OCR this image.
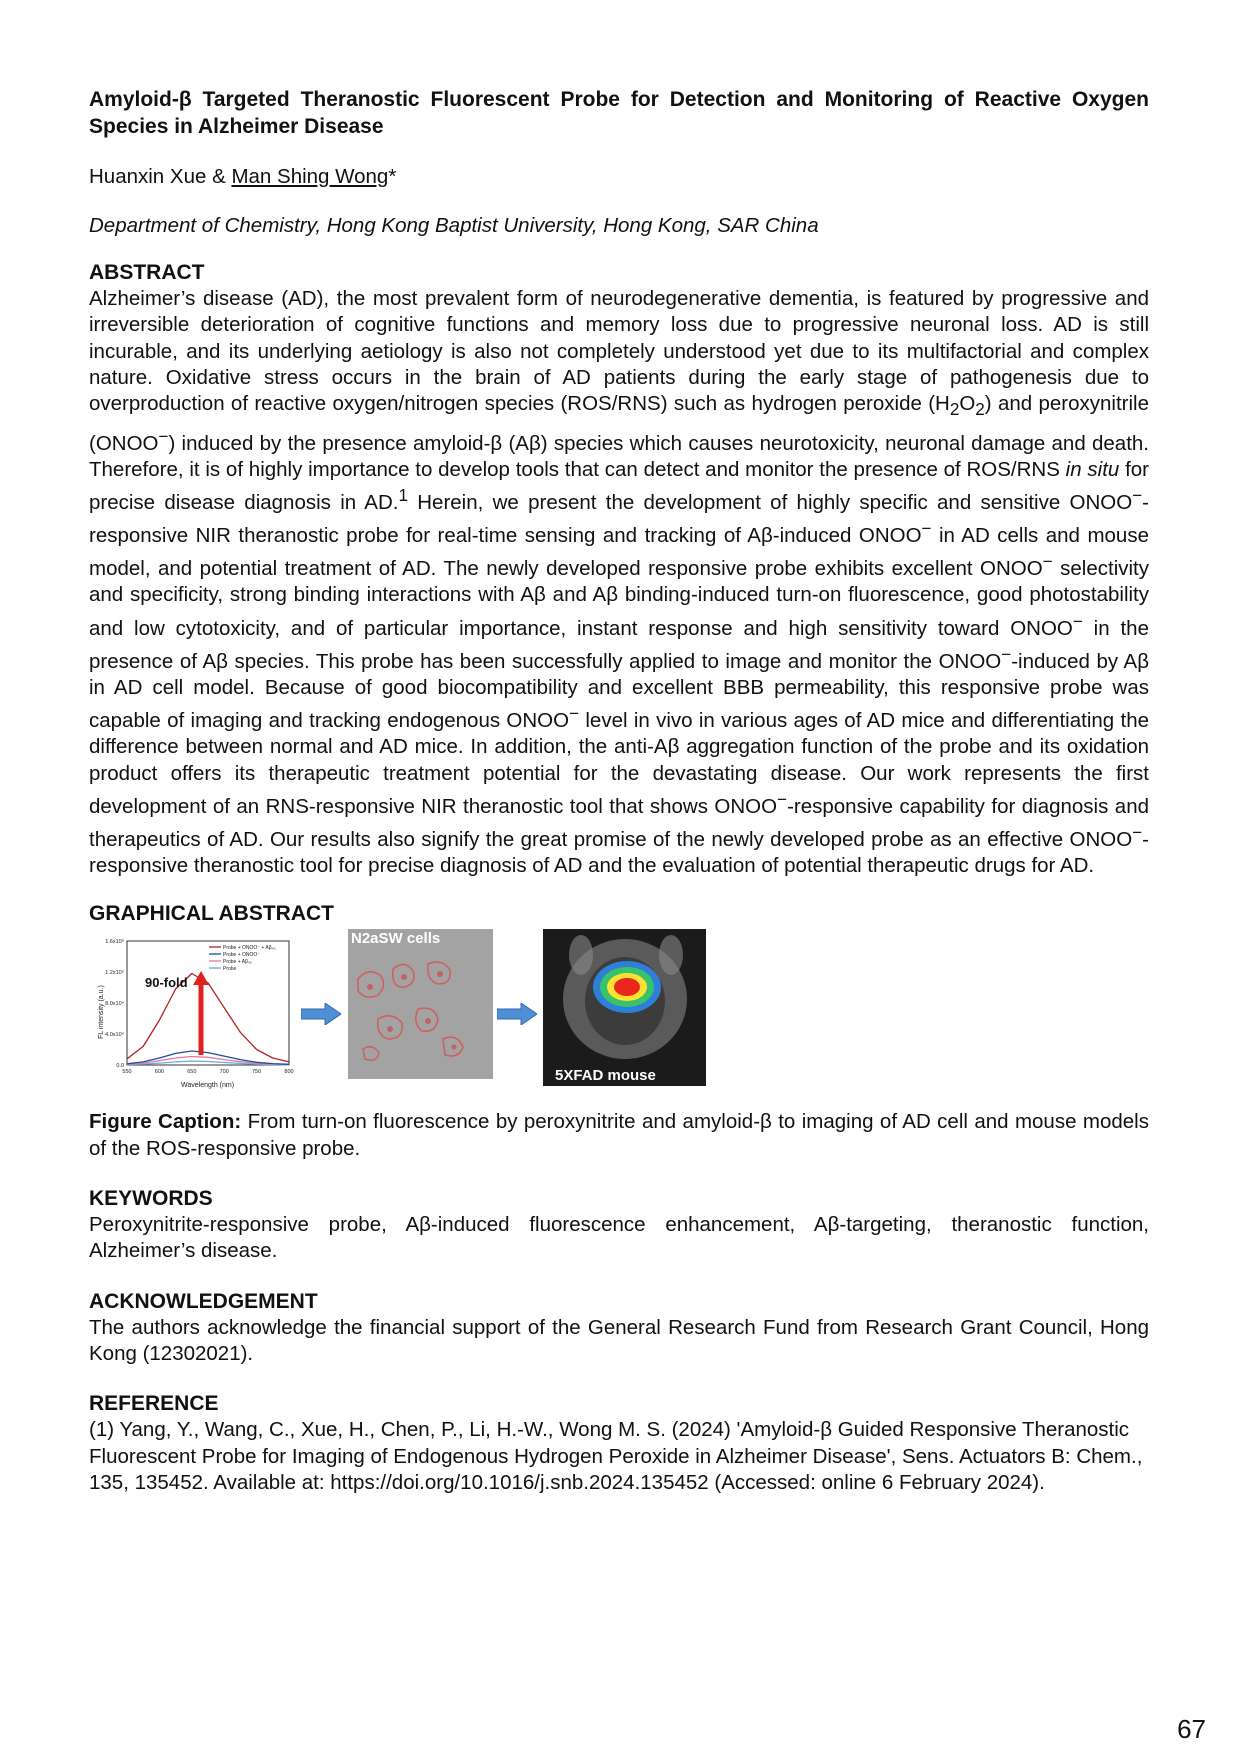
Amyloid-β Targeted Theranostic Fluorescent Probe for Detection and Monitoring of Reactive Oxygen Species in Alzheimer Disease

Huanxin Xue & Man Shing Wong*
Department of Chemistry, Hong Kong Baptist University, Hong Kong, SAR China
ABSTRACT

Alzheimer’s disease (AD), the most prevalent form of neurodegenerative dementia, is featured by progressive and irreversible deterioration of cognitive functions and memory loss due to progressive neuronal loss. AD is still incurable, and its underlying aetiology is also not completely understood yet due to its multifactorial and complex nature. Oxidative stress occurs in the brain of AD patients during the early stage of pathogenesis due to overproduction of reactive oxygen/nitrogen species (ROS/RNS) such as hydrogen peroxide $(H_2O_2)$ and peroxynitrile (ONOO−) induced by the presence amyloid-β (Aβ) species which causes neurotoxicity, neuronal damage and death. Therefore, it is of highly importance to develop tools that can detect and monitor the presence of ROS/RNS in situ for precise disease diagnosis in AD.$^1$ Herein, we present the development of highly specific and sensitive ONOO−-responsive NIR theranostic probe for real-time sensing and tracking of Aβ-induced ONOO− in AD cells and mouse model, and potential treatment of AD. The newly developed responsive probe exhibits excellent ONOO− selectivity and specificity, strong binding interactions with Aβ and Aβ binding-induced turn-on fluorescence, good photostability and low cytotoxicity, and of particular importance, instant response and high sensitivity toward ONOO− in the presence of Aβ species. This probe has been successfully applied to image and monitor the ONOO−-induced by Aβ in AD cell model. Because of good biocompatibility and excellent BBB permeability, this responsive probe was capable of imaging and tracking endogenous ONOO− level in vivo in various ages of AD mice and differentiating the difference between normal and AD mice. In addition, the anti-Aβ aggregation function of the probe and its oxidation product offers its therapeutic treatment potential for the devastating disease. Our work represents the first development of an RNS-responsive NIR theranostic tool that shows ONOO−-responsive capability for diagnosis and therapeutics of AD. Our results also signify the great promise of the newly developed probe as an effective ONOO−-responsive theranostic tool for precise diagnosis of AD and the evaluation of potential therapeutic drugs for AD.

GRAPHICAL ABSTRACT
1.6x10⁵
1.2x10⁵
8.0x10⁴
4.0x10⁴
0.0
550	600	650	700	750	800
90-fold
FL intensity (a.u.)
Wavelength (nm)
Probe + ONOO⁻ + Aβ₄₂
Probe + ONOO⁻
Probe + Aβ₄₂
Probe
N2aSW cells
5XFAD mouse

Figure Caption: From turn-on fluorescence by peroxynitrite and amyloid-β to imaging of AD cell and mouse models of the ROS-responsive probe.

KEYWORDS

Peroxynitrite-responsive probe, Aβ-induced fluorescence enhancement, Aβ-targeting, theranostic function, Alzheimer’s disease.

ACKNOWLEDGEMENT

The authors acknowledge the financial support of the General Research Fund from Research Grant Council, Hong Kong (12302021).

REFERENCE

(1) Yang, Y., Wang, C., Xue, H., Chen, P., Li, H.-W., Wong M. S. (2024) 'Amyloid-β Guided Responsive Theranostic Fluorescent Probe for Imaging of Endogenous Hydrogen Peroxide in Alzheimer Disease', Sens. Actuators B: Chem., 135, 135452. Available at: https://doi.org/10.1016/j.snb.2024.135452 (Accessed: online 6 February 2024).

67
